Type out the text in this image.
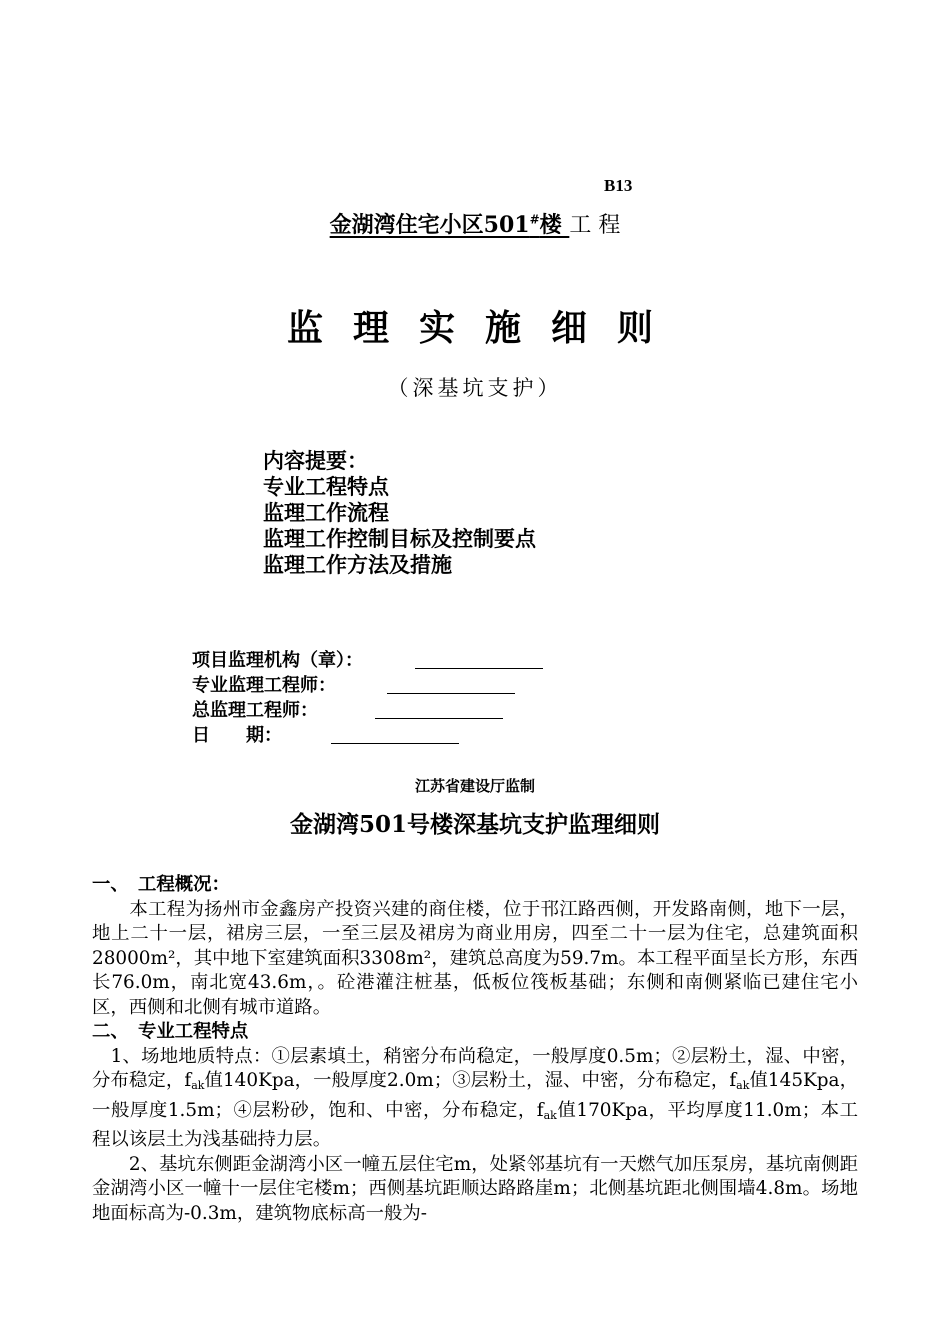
B13
金湖湾住宅小区501#楼 工 程
监理实施细则
（深基坑支护）
内容提要：
专业工程特点
监理工作流程
监理工作控制目标及控制要点
监理工作方法及措施
项目监理机构（章）：
专业监理工程师：
总监理工程师：
日　　期：
江苏省建设厅监制
金湖湾501号楼深基坑支护监理细则
一、　工程概况：
　　本工程为扬州市金鑫房产投资兴建的商住楼，位于邗江路西侧，开发路南侧，地下一层，地上二十一层，裙房三层，一至三层及裙房为商业用房，四至二十一层为住宅，总建筑面积28000m²，其中地下室建筑面积3308m²，建筑总高度为59.7m。本工程平面呈长方形，东西长76.0m，南北宽43.6m，。砼港灌注桩基，低板位筏板基础；东侧和南侧紧临已建住宅小区，西侧和北侧有城市道路。
二、　专业工程特点
　1、场地地质特点：①层素填土，稍密分布尚稳定，一般厚度0.5m；②层粉土，湿、中密，分布稳定，$f_{ak}$值140Kpa，一般厚度2.0m；③层粉土，湿、中密，分布稳定，$f_{ak}$值145Kpa，一般厚度1.5m；④层粉砂，饱和、中密，分布稳定，$f_{ak}$值170Kpa，平均厚度11.0m；本工程以该层土为浅基础持力层。
　　2、基坑东侧距金湖湾小区一幢五层住宅m，处紧邻基坑有一天燃气加压泵房，基坑南侧距金湖湾小区一幢十一层住宅楼m；西侧基坑距顺达路路崖m；北侧基坑距北侧围墙4.8m。场地地面标高为-0.3m，建筑物底标高一般为-
